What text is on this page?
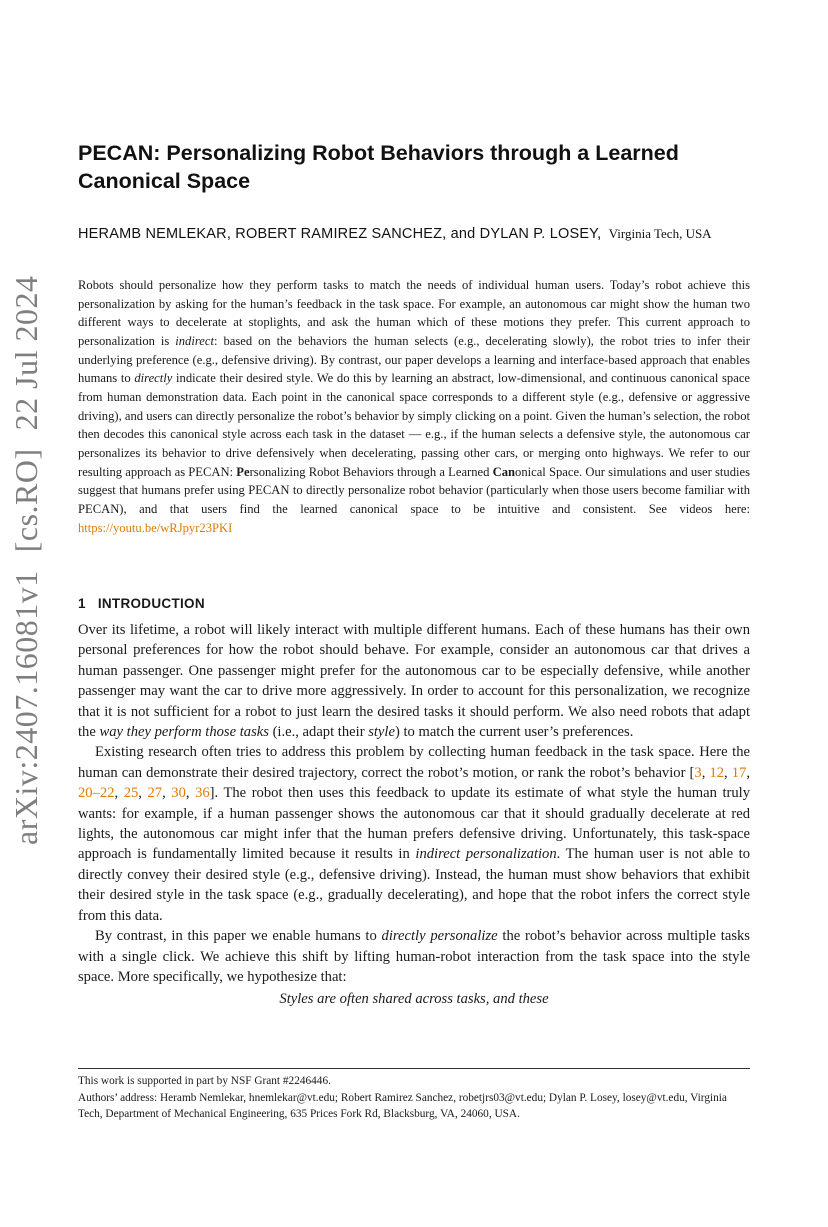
arXiv:2407.16081v1[cs.RO]22 Jul 2024
PECAN: Personalizing Robot Behaviors through a Learned Canonical Space
HERAMB NEMLEKAR, ROBERT RAMIREZ SANCHEZ, and DYLAN P. LOSEY, Virginia Tech, USA
Robots should personalize how they perform tasks to match the needs of individual human users. Today’s robot achieve this personalization by asking for the human’s feedback in the task space. For example, an autonomous car might show the human two different ways to decelerate at stoplights, and ask the human which of these motions they prefer. This current approach to personalization is indirect: based on the behaviors the human selects (e.g., decelerating slowly), the robot tries to infer their underlying preference (e.g., defensive driving). By contrast, our paper develops a learning and interface-based approach that enables humans to directly indicate their desired style. We do this by learning an abstract, low-dimensional, and continuous canonical space from human demonstration data. Each point in the canonical space corresponds to a different style (e.g., defensive or aggressive driving), and users can directly personalize the robot’s behavior by simply clicking on a point. Given the human’s selection, the robot then decodes this canonical style across each task in the dataset — e.g., if the human selects a defensive style, the autonomous car personalizes its behavior to drive defensively when decelerating, passing other cars, or merging onto highways. We refer to our resulting approach as PECAN: Personalizing Robot Behaviors through a Learned Canonical Space. Our simulations and user studies suggest that humans prefer using PECAN to directly personalize robot behavior (particularly when those users become familiar with PECAN), and that users find the learned canonical space to be intuitive and consistent. See videos here: https://youtu.be/wRJpyr23PKI
1 INTRODUCTION

Over its lifetime, a robot will likely interact with multiple different humans. Each of these humans has their own personal preferences for how the robot should behave. For example, consider an autonomous car that drives a human passenger. One passenger might prefer for the autonomous car to be especially defensive, while another passenger may want the car to drive more aggressively. In order to account for this personalization, we recognize that it is not sufficient for a robot to just learn the desired tasks it should perform. We also need robots that adapt the way they perform those tasks (i.e., adapt their style) to match the current user’s preferences.

Existing research often tries to address this problem by collecting human feedback in the task space. Here the human can demonstrate their desired trajectory, correct the robot’s motion, or rank the robot’s behavior [3, 12, 17, 20–22, 25, 27, 30, 36]. The robot then uses this feedback to update its estimate of what style the human truly wants: for example, if a human passenger shows the autonomous car that it should gradually decelerate at red lights, the autonomous car might infer that the human prefers defensive driving. Unfortunately, this task-space approach is fundamentally limited because it results in indirect personalization. The human user is not able to directly convey their desired style (e.g., defensive driving). Instead, the human must show behaviors that exhibit their desired style in the task space (e.g., gradually decelerating), and hope that the robot infers the correct style from this data.

By contrast, in this paper we enable humans to directly personalize the robot’s behavior across multiple tasks with a single click. We achieve this shift by lifting human-robot interaction from the task space into the style space. More specifically, we hypothesize that:

Styles are often shared across tasks, and these

This work is supported in part by NSF Grant #2246446.

Authors’ address: Heramb Nemlekar, hnemlekar@vt.edu; Robert Ramirez Sanchez, robetjrs03@vt.edu; Dylan P. Losey, losey@vt.edu, Virginia Tech, Department of Mechanical Engineering, 635 Prices Fork Rd, Blacksburg, VA, 24060, USA.
